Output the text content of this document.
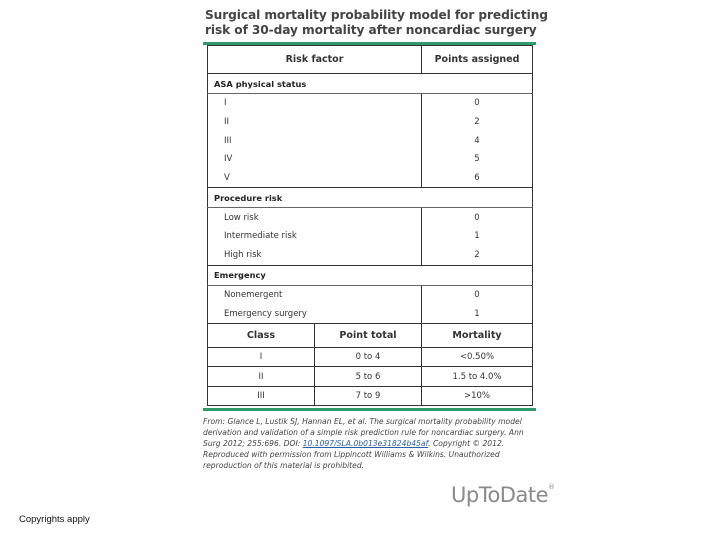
Surgical mortality probability model for predicting
risk of 30-day mortality after noncardiac surgery
Risk factor		Points assigned
ASA physical status		
I		0
II		2
III		4
IV		5
V		6
Procedure risk		
Low risk		0
Intermediate risk		1
High risk		2
Emergency		
Nonemergent		0
Emergency surgery		1
Class	Point total	Mortality
I	0 to 4	<0.50%
II	5 to 6	1.5 to 4.0%
III	7 to 9	>10%
From: Glance L, Lustik SJ, Hannan EL, et al. The surgical mortality probability model derivation and validation of a simple risk prediction rule for noncardiac surgery. Ann Surg 2012; 255:696. DOI: 10.1097/SLA.0b013e31824b45af. Copyright © 2012. Reproduced with permission from Lippincott Williams & Wilkins. Unauthorized reproduction of this material is prohibited.
UpToDate®
Copyrights apply
